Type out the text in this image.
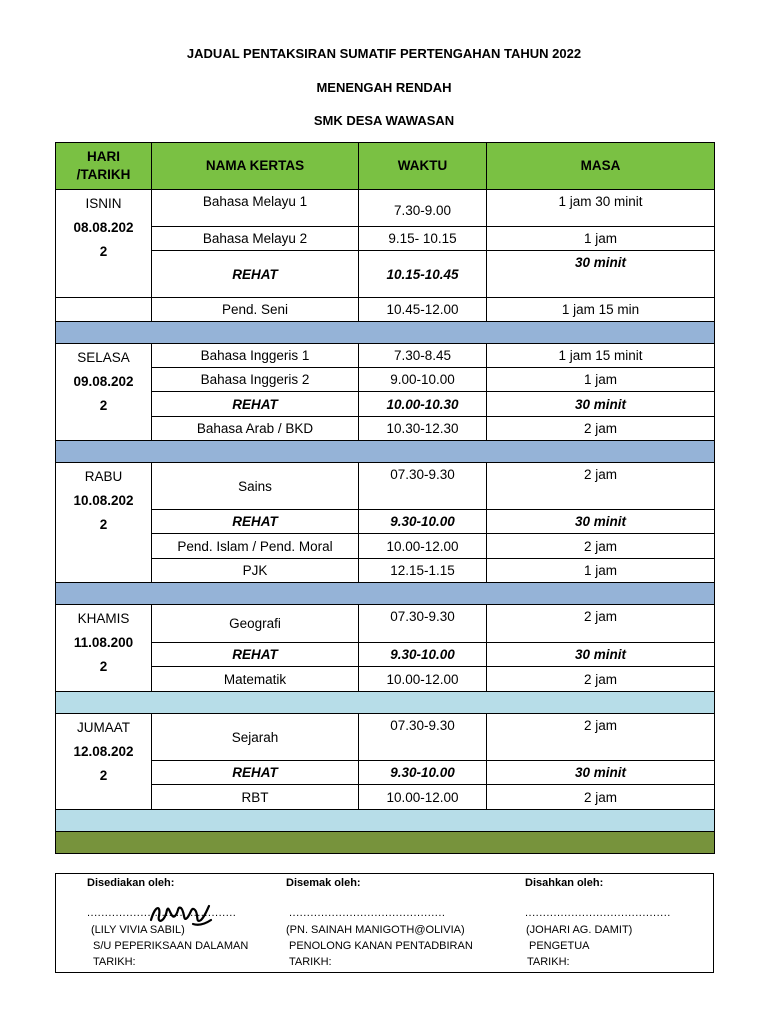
JADUAL PENTAKSIRAN SUMATIF PERTENGAHAN TAHUN 2022
MENENGAH RENDAH
SMK DESA WAWASAN
HARI
/TARIKH	NAMA KERTAS	WAKTU	MASA
ISNIN
08.08.202
2	Bahasa Melayu 1	7.30-9.00	1 jam 30 minit
	Bahasa Melayu 2	9.15- 10.15	1 jam
	REHAT	10.15-10.45	30 minit
	Pend. Seni	10.45-12.00	1 jam 15 min

SELASA
09.08.202
2	Bahasa Inggeris 1	7.30-8.45	1 jam 15 minit
	Bahasa Inggeris 2	9.00-10.00	1 jam
	REHAT	10.00-10.30	30 minit
	Bahasa Arab / BKD	10.30-12.30	2 jam

RABU
10.08.202
2	Sains	07.30-9.30	2 jam
	REHAT	9.30-10.00	30 minit
	Pend. Islam / Pend. Moral	10.00-12.00	2 jam
	PJK	12.15-1.15	1 jam

KHAMIS
11.08.200
2	Geografi	07.30-9.30	2 jam
	REHAT	9.30-10.00	30 minit
	Matematik	10.00-12.00	2 jam

JUMAAT
12.08.202
2	Sejarah	07.30-9.30	2 jam
	REHAT	9.30-10.00	30 minit
	RBT	10.00-12.00	2 jam

Disediakan oleh:
..........................................
(LILY VIVIA SABIL)
S/U PEPERIKSAAN DALAMAN
TARIKH:
Disemak oleh:
............................................
(PN. SAINAH MANIGOTH@OLIVIA)
PENOLONG KANAN PENTADBIRAN
TARIKH:
Disahkan oleh:
.........................................
(JOHARI AG. DAMIT)
PENGETUA
TARIKH:
